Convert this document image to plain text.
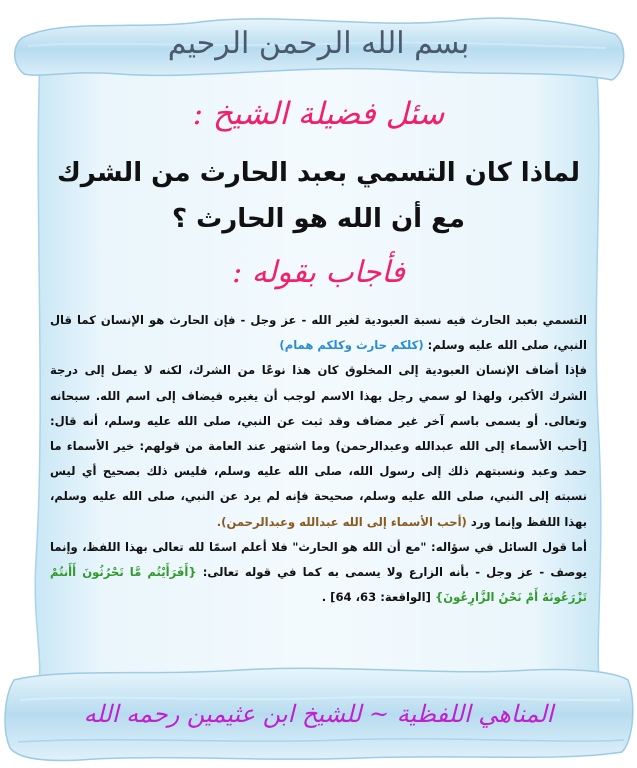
بسم الله الرحمن الرحيم
سئل فضيلة الشيخ :
لماذا كان التسمي بعبد الحارث من الشرك
مع أن الله هو الحارث ؟
فأجاب بقوله :

التسمي بعبد الحارث فيه نسبة العبودية لغير الله - عز وجل - فإن الحارث هو الإنسان كما قال النبي، صلى الله عليه وسلم: (كلكم حارث وكلكم همام)

فإذا أضاف الإنسان العبودية إلى المخلوق كان هذا نوعًا من الشرك، لكنه لا يصل إلى درجة الشرك الأكبر، ولهذا لو سمي رجل بهذا الاسم لوجب أن يغيره فيضاف إلى اسم الله. سبحانه وتعالى. أو يسمى باسم آخر غير مضاف وقد ثبت عن النبي، صلى الله عليه وسلم، أنه قال: [أحب الأسماء إلى الله عبدالله وعبدالرحمن) وما اشتهر عند العامة من قولهم: خير الأسماء ما حمد وعبد ونسبتهم ذلك إلى رسول الله، صلى الله عليه وسلم، فليس ذلك بصحيح أي ليس نسبته إلى النبي، صلى الله عليه وسلم، صحيحة فإنه لم يرد عن النبي، صلى الله عليه وسلم، بهذا اللفظ وإنما ورد (أحب الأسماء إلى الله عبدالله وعبدالرحمن).

أما قول السائل في سؤاله: "مع أن الله هو الحارث" فلا أعلم اسمًا لله تعالى بهذا اللفظ، وإنما يوصف - عز وجل - بأنه الزارع ولا يسمى به كما في قوله تعالى: {أَفَرَأَيْتُم مَّا تَحْرُثُونَ أَأَنتُمْ تَزْرَعُونَهُ أَمْ نَحْنُ الزَّارِعُونَ} [الواقعة: 63، 64] .

المناهي اللفظية ~ للشيخ ابن عثيمين رحمه الله
